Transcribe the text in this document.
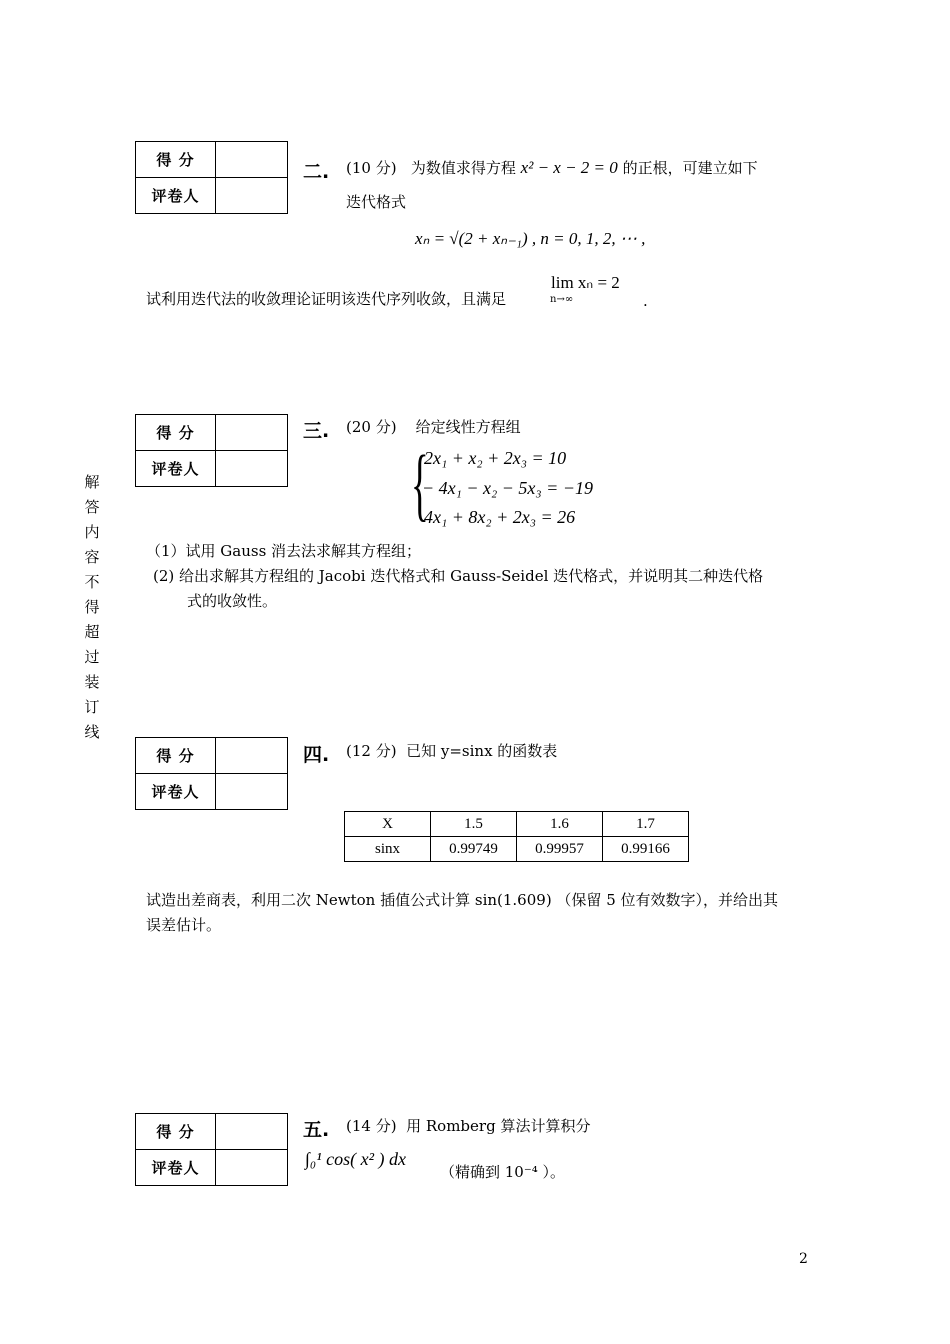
得 分
评卷人
二. (10 分) 为数值求得方程 x² − x − 2 = 0 的正根，可建立如下
迭代格式
xₙ = √(2 + xₙ₋₁) , n = 0, 1, 2, ⋯ ,
试利用迭代法的收敛理论证明该迭代序列收敛，且满足
lim xₙ = 2
n→∞	.
得 分
评卷人
三. (20 分) 给定线性方程组
{
2x₁ + x₂ + 2x₃ = 10
− 4x₁ − x₂ − 5x₃ = −19
4x₁ + 8x₂ + 2x₃ = 26
（1）试用 Gauss 消去法求解其方程组；
(2) 给出求解其方程组的 Jacobi 迭代格式和 Gauss-Seidel 迭代格式，并说明其二种迭代格
式的收敛性。
解
答
内
容
不
得
超
过
装
订
线
得 分
评卷人
四. (12 分) 已知 y=sinx 的函数表
X	1.5	1.6	1.7
sinx	0.99749	0.99957	0.99166
试造出差商表，利用二次 Newton 插值公式计算 sin(1.609) （保留 5 位有效数字），并给出其
误差估计。
得 分
评卷人
五. (14 分) 用 Romberg 算法计算积分
∫₀¹ cos( x² ) dx
（精确到 10⁻⁴ ）。
2
